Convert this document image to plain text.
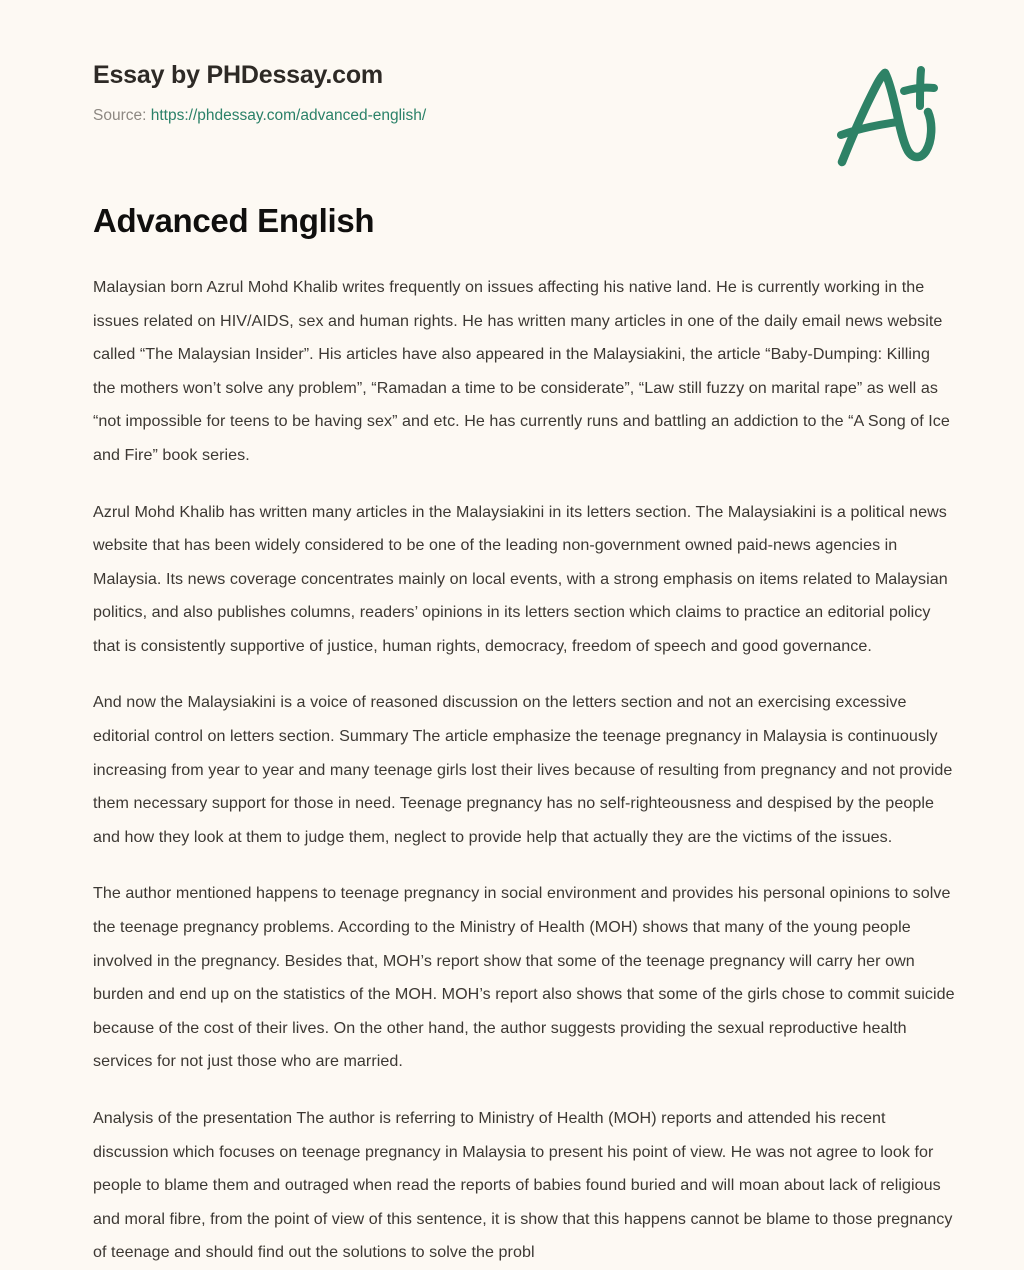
Essay by PHDessay.com
Source: https://phdessay.com/advanced-english/
Advanced English

Malaysian born Azrul Mohd Khalib writes frequently on issues affecting his native land. He is currently working in the issues related on HIV/AIDS, sex and human rights. He has written many articles in one of the daily email news website called “The Malaysian Insider”. His articles have also appeared in the Malaysiakini, the article “Baby-Dumping: Killing the mothers won’t solve any problem”, “Ramadan a time to be considerate”, “Law still fuzzy on marital rape” as well as “not impossible for teens to be having sex” and etc. He has currently runs and battling an addiction to the “A Song of Ice and Fire” book series.

Azrul Mohd Khalib has written many articles in the Malaysiakini in its letters section. The Malaysiakini is a political news website that has been widely considered to be one of the leading non-government owned paid-news agencies in Malaysia. Its news coverage concentrates mainly on local events, with a strong emphasis on items related to Malaysian politics, and also publishes columns, readers’ opinions in its letters section which claims to practice an editorial policy that is consistently supportive of justice, human rights, democracy, freedom of speech and good governance.

And now the Malaysiakini is a voice of reasoned discussion on the letters section and not an exercising excessive editorial control on letters section. Summary The article emphasize the teenage pregnancy in Malaysia is continuously increasing from year to year and many teenage girls lost their lives because of resulting from pregnancy and not provide them necessary support for those in need. Teenage pregnancy has no self-righteousness and despised by the people and how they look at them to judge them, neglect to provide help that actually they are the victims of the issues.

The author mentioned happens to teenage pregnancy in social environment and provides his personal opinions to solve the teenage pregnancy problems. According to the Ministry of Health (MOH) shows that many of the young people involved in the pregnancy. Besides that, MOH’s report show that some of the teenage pregnancy will carry her own burden and end up on the statistics of the MOH. MOH’s report also shows that some of the girls chose to commit suicide because of the cost of their lives. On the other hand, the author suggests providing the sexual reproductive health services for not just those who are married.

Analysis of the presentation The author is referring to Ministry of Health (MOH) reports and attended his recent discussion which focuses on teenage pregnancy in Malaysia to present his point of view. He was not agree to look for people to blame them and outraged when read the reports of babies found buried and will moan about lack of religious and moral fibre, from the point of view of this sentence, it is show that this happens cannot be blame to those pregnancy of teenage and should find out the solutions to solve the probl
